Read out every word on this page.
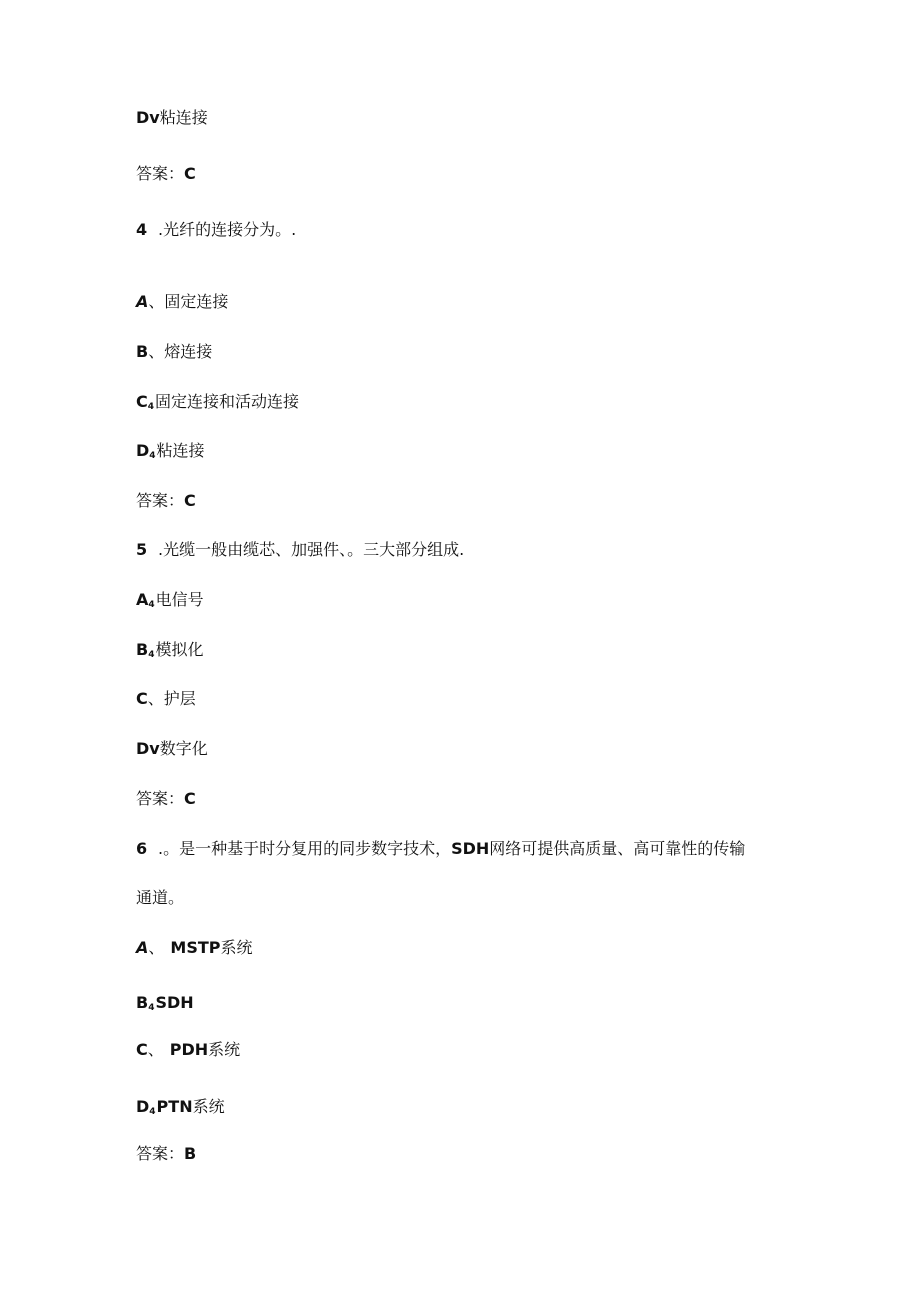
Dv粘连接
答案：C
4 .光纤的连接分为。.
A、固定连接
B、熔连接
$C_4$固定连接和活动连接
$D_4$粘连接
答案：C
5 .光缆一般由缆芯、加强件、。三大部分组成.
$A_4$电信号
$B_4$模拟化
C、护层
Dv数字化
答案：C
6 .。是一种基于时分复用的同步数字技术，SDH网络可提供高质量、高可靠性的传输
通道。
A、 MSTP系统
$B_4SDH$
C、 PDH系统
$D_4PTN$系统
答案：B
